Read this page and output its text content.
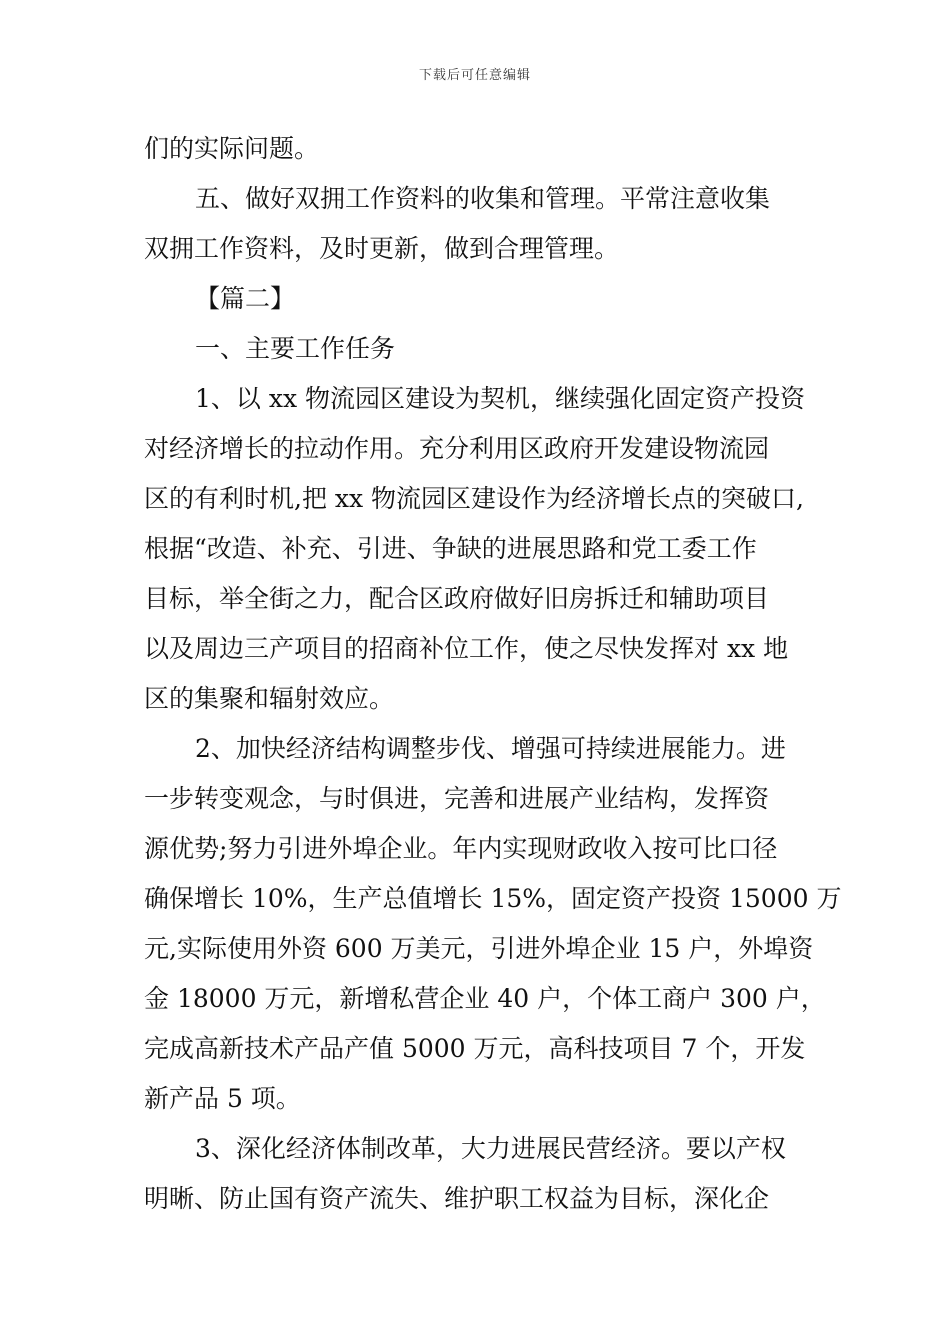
下载后可任意编辑
们的实际问题。
五、做好双拥工作资料的收集和管理。平常注意收集
双拥工作资料，及时更新，做到合理管理。
【篇二】
一、主要工作任务
1、以 xx 物流园区建设为契机，继续强化固定资产投资
对经济增长的拉动作用。充分利用区政府开发建设物流园
区的有利时机,把 xx 物流园区建设作为经济增长点的突破口,
根据“改造、补充、引进、争缺的进展思路和党工委工作
目标，举全街之力，配合区政府做好旧房拆迁和辅助项目
以及周边三产项目的招商补位工作，使之尽快发挥对 xx 地
区的集聚和辐射效应。
2、加快经济结构调整步伐、增强可持续进展能力。进
一步转变观念，与时俱进，完善和进展产业结构，发挥资
源优势;努力引进外埠企业。年内实现财政收入按可比口径
确保增长 10%，生产总值增长 15%，固定资产投资 15000 万
元,实际使用外资 600 万美元，引进外埠企业 15 户，外埠资
金 18000 万元，新增私营企业 40 户，个体工商户 300 户，
完成高新技术产品产值 5000 万元，高科技项目 7 个，开发
新产品 5 项。
3、深化经济体制改革，大力进展民营经济。要以产权
明晰、防止国有资产流失、维护职工权益为目标，深化企
